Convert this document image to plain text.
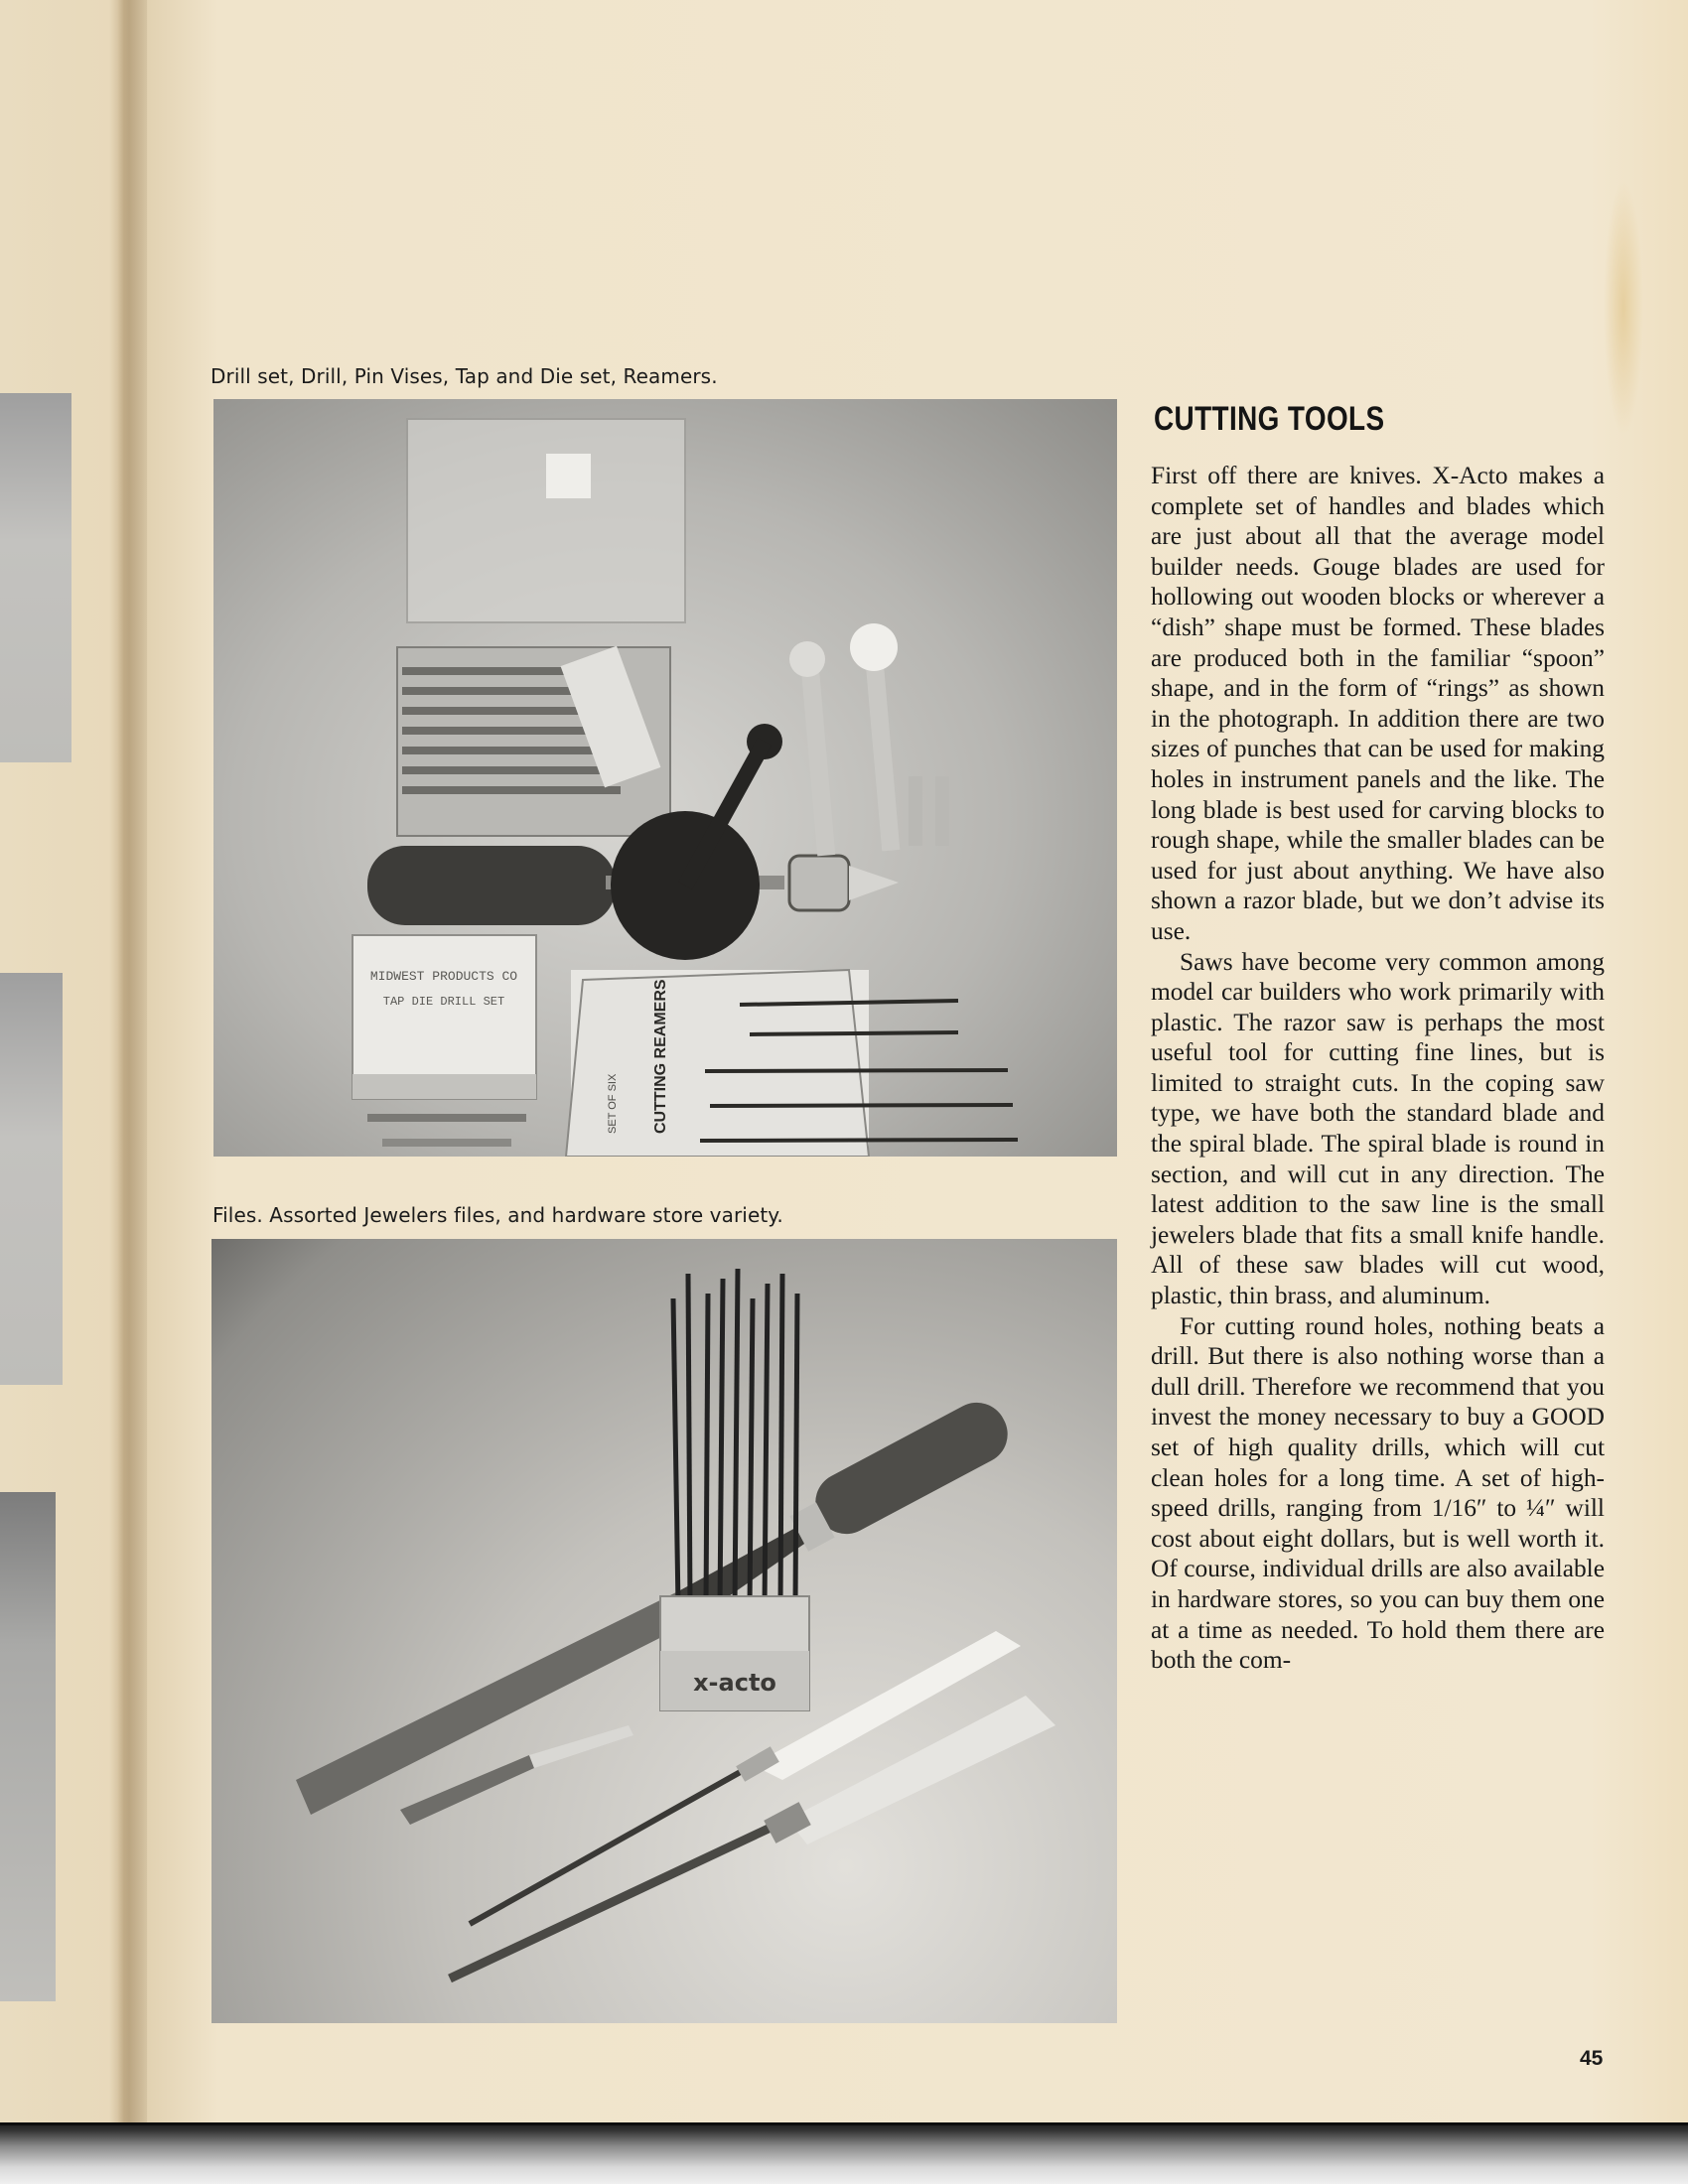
Drill set, Drill, Pin Vises, Tap and Die set, Reamers.
MIDWEST PRODUCTS CO
TAP DIE DRILL SET
SET OF SIX CUTTING REAMERS
Files. Assorted Jewelers files, and hardware store variety.
x-acto
CUTTING TOOLS

First off there are knives. X-Acto makes a complete set of handles and blades which are just about all that the average model builder needs. Gouge blades are used for hollowing out wooden blocks or wherever a “dish” shape must be formed. These blades are produced both in the familiar “spoon” shape, and in the form of “rings” as shown in the photograph. In addition there are two sizes of punches that can be used for making holes in instrument panels and the like. The long blade is best used for carving blocks to rough shape, while the smaller blades can be used for just about anything. We have also shown a razor blade, but we don’t advise its use.

Saws have become very common among model car builders who work primarily with plastic. The razor saw is perhaps the most useful tool for cutting fine lines, but is limited to straight cuts. In the coping saw type, we have both the standard blade and the spiral blade. The spiral blade is round in section, and will cut in any direction. The latest addition to the saw line is the small jewelers blade that fits a small knife handle. All of these saw blades will cut wood, plastic, thin brass, and aluminum.

For cutting round holes, nothing beats a drill. But there is also nothing worse than a dull drill. Therefore we recommend that you invest the money necessary to buy a GOOD set of high quality drills, which will cut clean holes for a long time. A set of high-speed drills, ranging from 1/16″ to ¼″ will cost about eight dollars, but is well worth it. Of course, individual drills are also available in hardware stores, so you can buy them one at a time as needed. To hold them there are both the com-

45
